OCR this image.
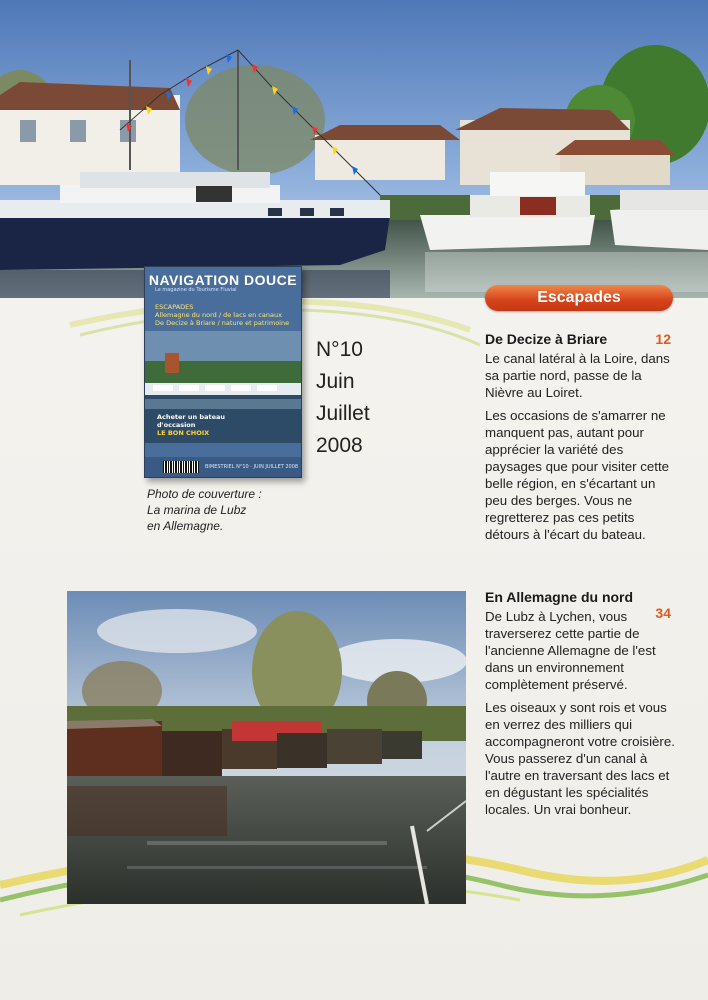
Escapades
NAVIGATION DOUCE
Le magazine du Tourisme Fluvial
ESCAPADES
Allemagne du nord / de lacs en canaux
De Decize à Briare / nature et patrimoine
Acheter un bateau
d'occasion
LE BON CHOIX
BIMESTRIEL N°10 · JUIN JUILLET 2008
N°10
Juin
Juillet
2008
Photo de couverture :
La marina de Lubz
en Allemagne.
De Decize à Briare	12

Le canal latéral à la Loire, dans sa partie nord, passe de la Nièvre au Loiret.

Les occasions de s'amarrer ne manquent pas, autant pour apprécier la variété des paysages que pour visiter cette belle région, en s'écartant un peu des berges. Vous ne regretterez pas ces petits détours à l'écart du bateau.

En Allemagne du nord
34

De Lubz à Lychen, vous traverserez cette partie de l'ancienne Allemagne de l'est dans un environnement complètement préservé.

Les oiseaux y sont rois et vous en verrez des milliers qui accompagneront votre croisière. Vous passerez d'un canal à l'autre en traversant des lacs et en dégustant les spécialités locales. Un vrai bonheur.
